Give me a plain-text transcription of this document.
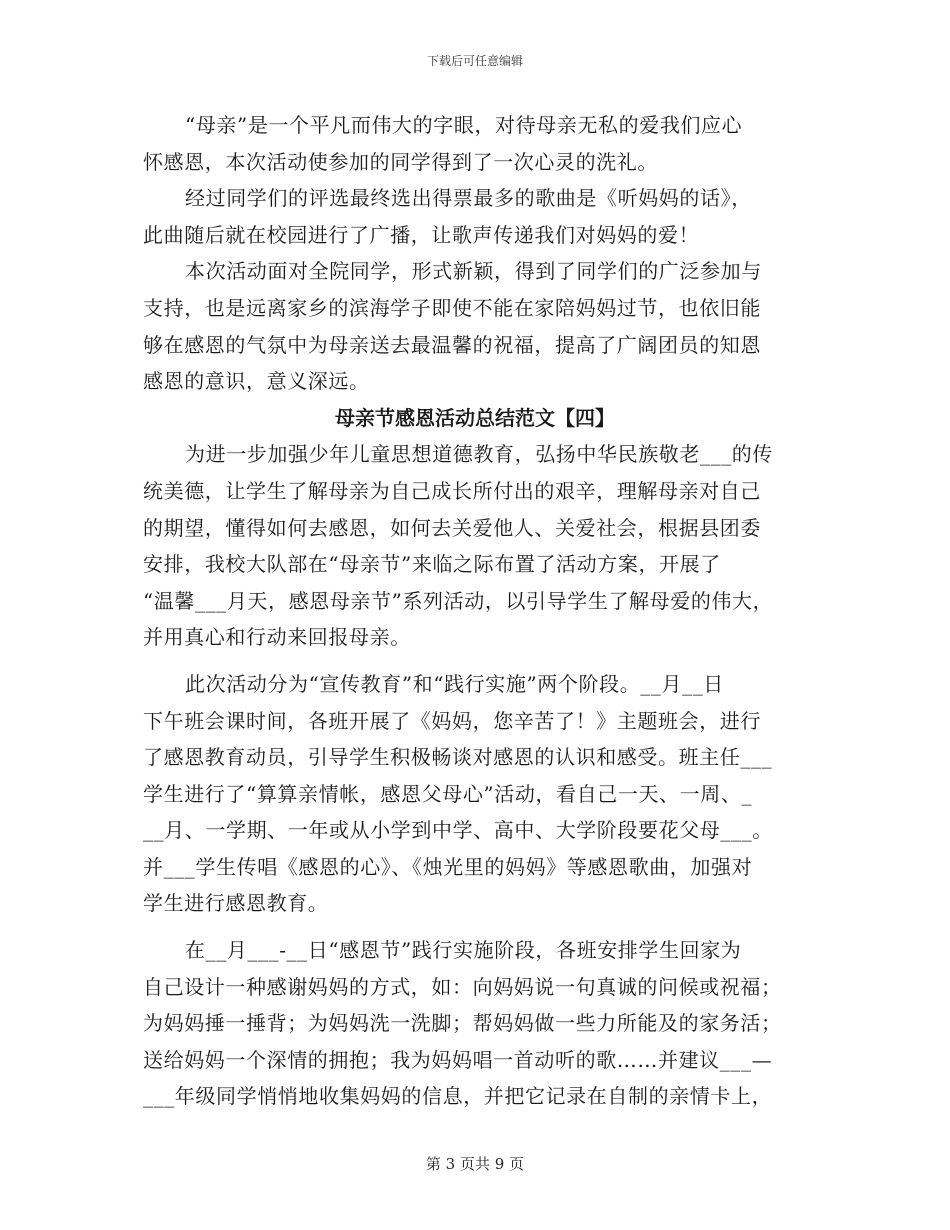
下载后可任意编辑
“母亲”是一个平凡而伟大的字眼，对待母亲无私的爱我们应心
怀感恩，本次活动使参加的同学得到了一次心灵的洗礼。
经过同学们的评选最终选出得票最多的歌曲是《听妈妈的话》，
此曲随后就在校园进行了广播，让歌声传递我们对妈妈的爱！
本次活动面对全院同学，形式新颖，得到了同学们的广泛参加与
支持，也是远离家乡的滨海学子即使不能在家陪妈妈过节，也依旧能
够在感恩的气氛中为母亲送去最温馨的祝福，提高了广阔团员的知恩
感恩的意识，意义深远。
母亲节感恩活动总结范文【四】
为进一步加强少年儿童思想道德教育，弘扬中华民族敬老___的传
统美德，让学生了解母亲为自己成长所付出的艰辛，理解母亲对自己
的期望，懂得如何去感恩，如何去关爱他人、关爱社会，根据县团委
安排，我校大队部在“母亲节”来临之际布置了活动方案，开展了
“温馨___月天，感恩母亲节”系列活动，以引导学生了解母爱的伟大，
并用真心和行动来回报母亲。
此次活动分为“宣传教育”和“践行实施”两个阶段。__月__日
下午班会课时间，各班开展了《妈妈，您辛苦了！》主题班会，进行
了感恩教育动员，引导学生积极畅谈对感恩的认识和感受。班主任___
学生进行了“算算亲情帐，感恩父母心”活动，看自己一天、一周、_
__月、一学期、一年或从小学到中学、高中、大学阶段要花父母___。
并___学生传唱《感恩的心》、《烛光里的妈妈》等感恩歌曲，加强对
学生进行感恩教育。
在__月___-__日“感恩节”践行实施阶段，各班安排学生回家为
自己设计一种感谢妈妈的方式，如：向妈妈说一句真诚的问候或祝福；
为妈妈捶一捶背；为妈妈洗一洗脚；帮妈妈做一些力所能及的家务活；
送给妈妈一个深情的拥抱；我为妈妈唱一首动听的歌……并建议___—
___年级同学悄悄地收集妈妈的信息，并把它记录在自制的亲情卡上，
第 3 页共 9 页
